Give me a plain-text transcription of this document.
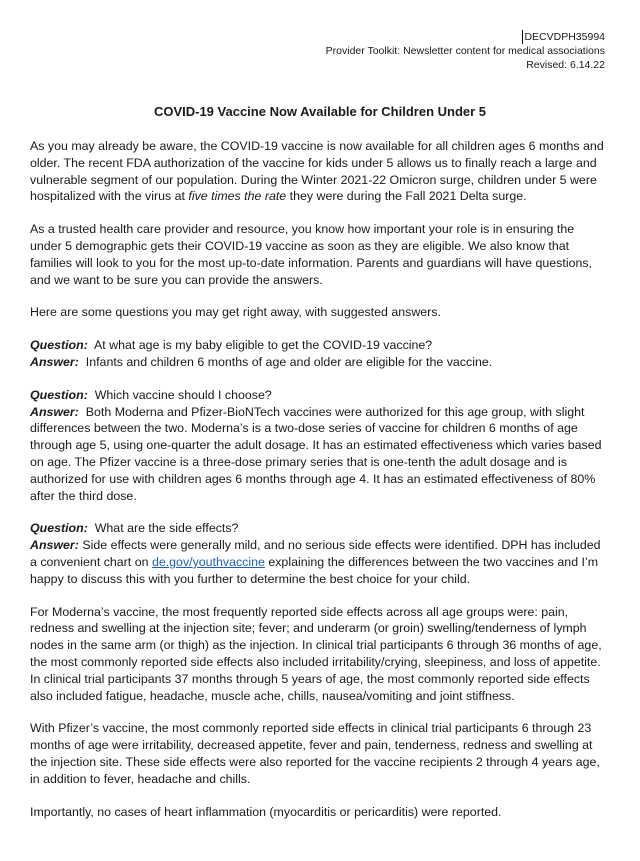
DECVDPH35994
Provider Toolkit: Newsletter content for medical associations
Revised: 6.14.22
COVID-19 Vaccine Now Available for Children Under 5

As you may already be aware, the COVID-19 vaccine is now available for all children ages 6 months and older. The recent FDA authorization of the vaccine for kids under 5 allows us to finally reach a large and vulnerable segment of our population. During the Winter 2021-22 Omicron surge, children under 5 were hospitalized with the virus at five times the rate they were during the Fall 2021 Delta surge.

As a trusted health care provider and resource, you know how important your role is in ensuring the under 5 demographic gets their COVID-19 vaccine as soon as they are eligible. We also know that families will look to you for the most up-to-date information. Parents and guardians will have questions, and we want to be sure you can provide the answers.

Here are some questions you may get right away, with suggested answers.

Question: At what age is my baby eligible to get the COVID-19 vaccine?
Answer: Infants and children 6 months of age and older are eligible for the vaccine.

Question: Which vaccine should I choose?
Answer: Both Moderna and Pfizer-BioNTech vaccines were authorized for this age group, with slight differences between the two. Moderna’s is a two-dose series of vaccine for children 6 months of age through age 5, using one-quarter the adult dosage. It has an estimated effectiveness which varies based on age. The Pfizer vaccine is a three-dose primary series that is one-tenth the adult dosage and is authorized for use with children ages 6 months through age 4. It has an estimated effectiveness of 80% after the third dose.

Question: What are the side effects?
Answer: Side effects were generally mild, and no serious side effects were identified. DPH has included a convenient chart on de.gov/youthvaccine explaining the differences between the two vaccines and I’m happy to discuss this with you further to determine the best choice for your child.

For Moderna’s vaccine, the most frequently reported side effects across all age groups were: pain, redness and swelling at the injection site; fever; and underarm (or groin) swelling/tenderness of lymph nodes in the same arm (or thigh) as the injection. In clinical trial participants 6 through 36 months of age, the most commonly reported side effects also included irritability/crying, sleepiness, and loss of appetite. In clinical trial participants 37 months through 5 years of age, the most commonly reported side effects also included fatigue, headache, muscle ache, chills, nausea/vomiting and joint stiffness.

With Pfizer’s vaccine, the most commonly reported side effects in clinical trial participants 6 through 23 months of age were irritability, decreased appetite, fever and pain, tenderness, redness and swelling at the injection site. These side effects were also reported for the vaccine recipients 2 through 4 years age, in addition to fever, headache and chills.

Importantly, no cases of heart inflammation (myocarditis or pericarditis) were reported.
